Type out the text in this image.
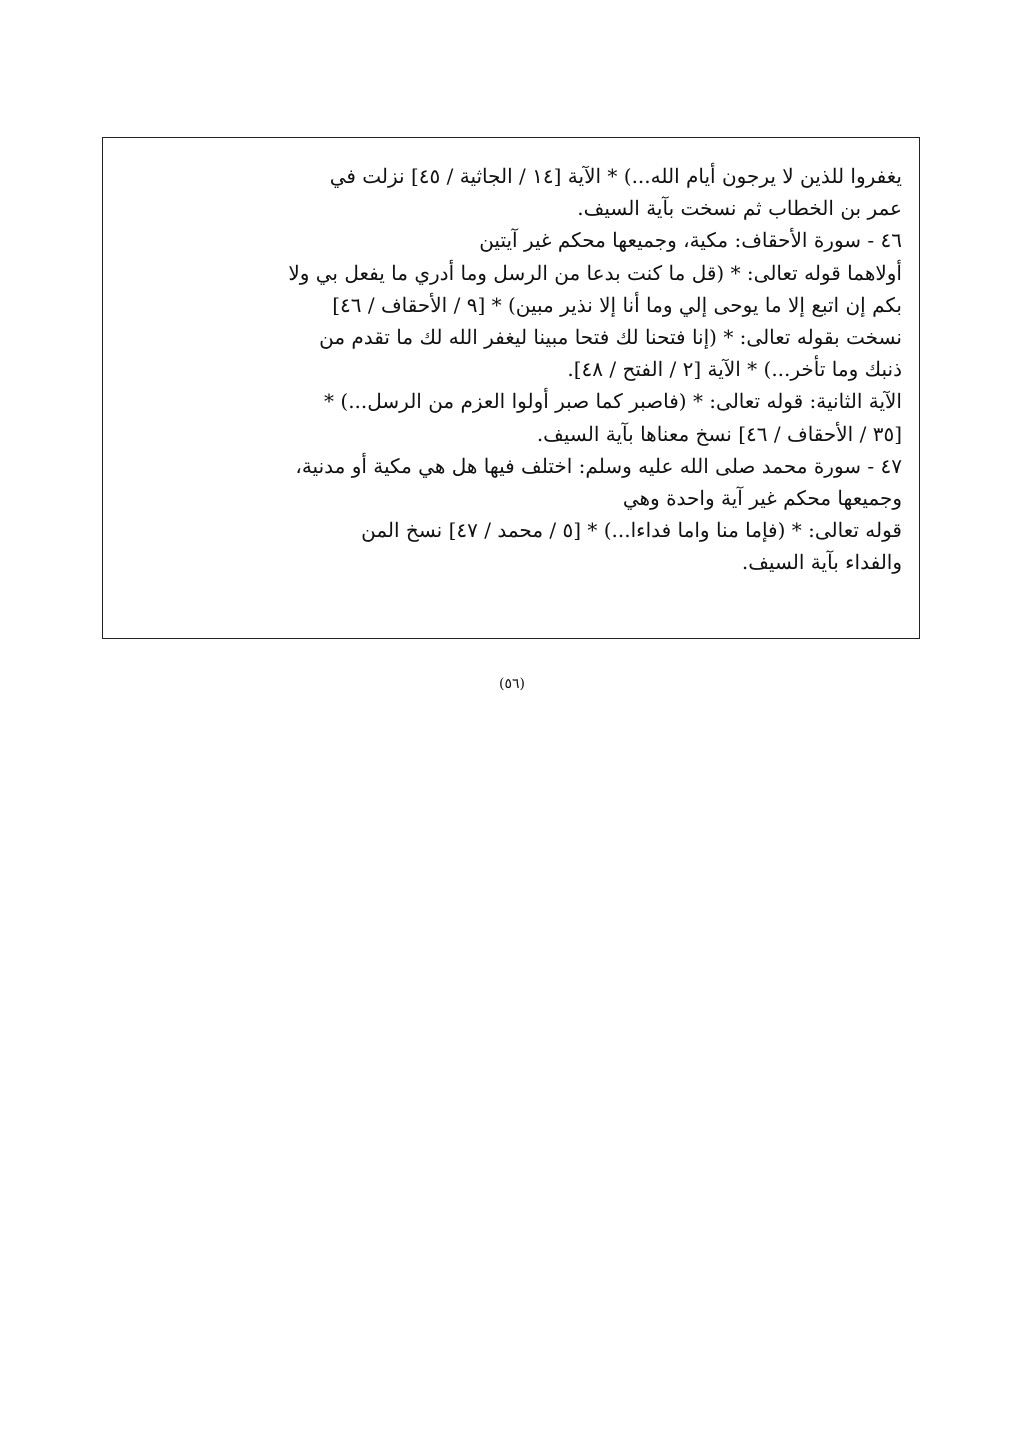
يغفروا للذين لا يرجون أيام الله...) * الآية [١٤ / الجاثية / ٤٥] نزلت في
عمر بن الخطاب ثم نسخت بآية السيف.
٤٦ - سورة الأحقاف: مكية، وجميعها محكم غير آيتين
أولاهما قوله تعالى: * (قل ما كنت بدعا من الرسل وما أدري ما يفعل بي ولا
بكم إن اتبع إلا ما يوحى إلي وما أنا إلا نذير مبين) * [٩ / الأحقاف / ٤٦]
نسخت بقوله تعالى: * (إنا فتحنا لك فتحا مبينا ليغفر الله لك ما تقدم من
ذنبك وما تأخر...) * الآية [٢ / الفتح / ٤٨].
الآية الثانية: قوله تعالى: * (فاصبر كما صبر أولوا العزم من الرسل...) *
[٣٥ / الأحقاف / ٤٦] نسخ معناها بآية السيف.
٤٧ - سورة محمد صلى الله عليه وسلم: اختلف فيها هل هي مكية أو مدنية،
وجميعها محكم غير آية واحدة وهي
قوله تعالى: * (فإما منا واما فداءا...) * [٥ / محمد / ٤٧] نسخ المن
والفداء بآية السيف.
(٥٦)
